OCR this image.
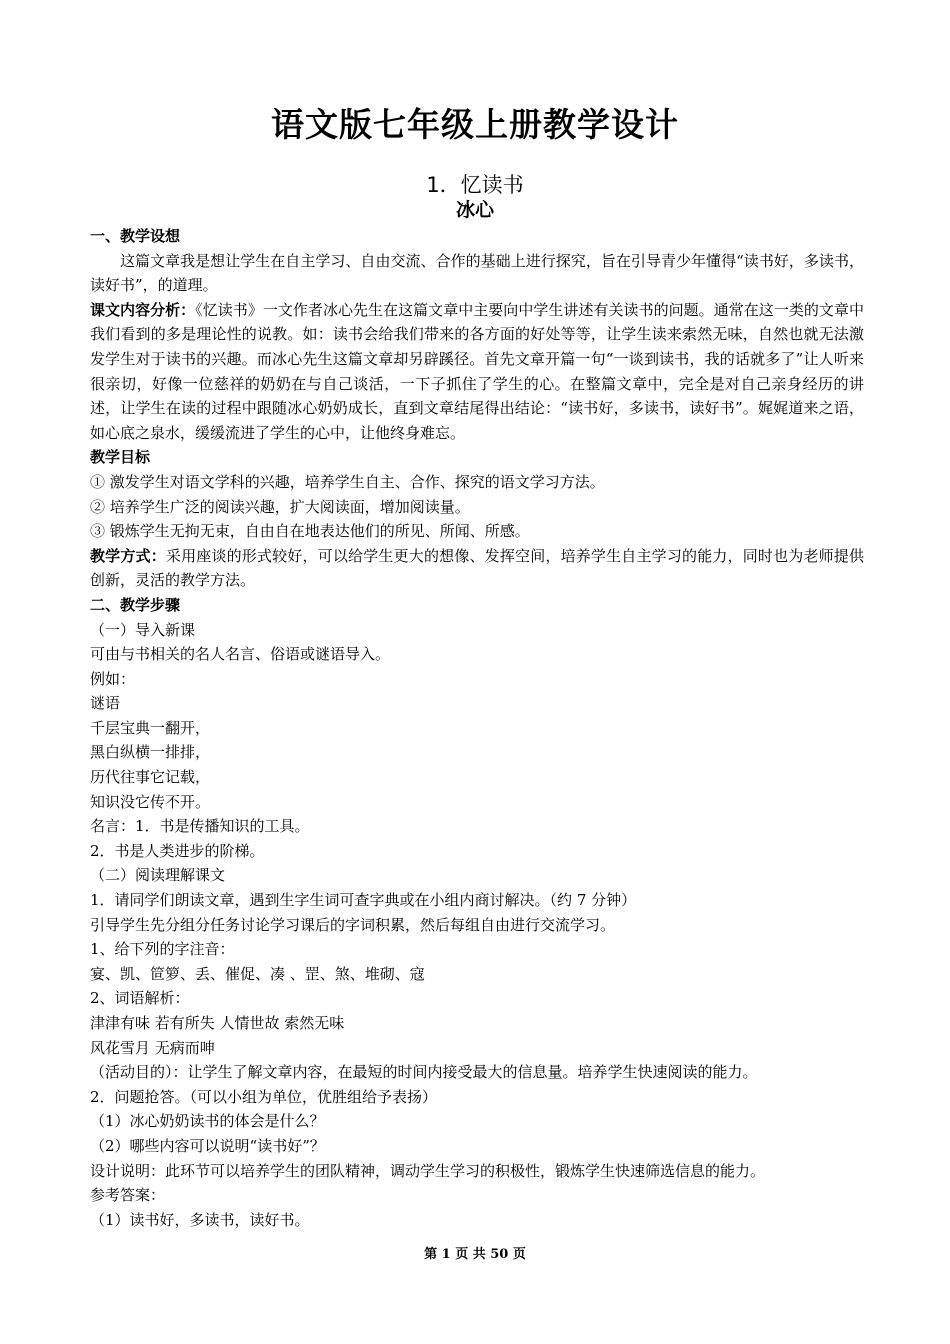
语文版七年级上册教学设计
1．忆读书
冰心

一、教学设想

这篇文章我是想让学生在自主学习、自由交流、合作的基础上进行探究，旨在引导青少年懂得“读书好，多读书，读好书”，的道理。

课文内容分析：《忆读书》一文作者冰心先生在这篇文章中主要向中学生讲述有关读书的问题。通常在这一类的文章中我们看到的多是理论性的说教。如：读书会给我们带来的各方面的好处等等，让学生读来索然无味，自然也就无法激发学生对于读书的兴趣。而冰心先生这篇文章却另辟蹊径。首先文章开篇一句“一谈到读书，我的话就多了”让人听来很亲切，好像一位慈祥的奶奶在与自己谈活，一下子抓住了学生的心。在整篇文章中，完全是对自己亲身经历的讲述，让学生在读的过程中跟随冰心奶奶成长，直到文章结尾得出结论：“读书好，多读书，读好书”。娓娓道来之语，如心底之泉水，缓缓流进了学生的心中，让他终身难忘。

教学目标

① 激发学生对语文学科的兴趣，培养学生自主、合作、探究的语文学习方法。

② 培养学生广泛的阅读兴趣，扩大阅读面，增加阅读量。

③ 锻炼学生无拘无束，自由自在地表达他们的所见、所闻、所感。

教学方式：采用座谈的形式较好，可以给学生更大的想像、发挥空间，培养学生自主学习的能力，同时也为老师提供创新，灵活的教学方法。

二、教学步骤

（一）导入新课

可由与书相关的名人名言、俗语或谜语导入。

例如：

谜语

千层宝典一翻开，

黑白纵横一排排，

历代往事它记载，

知识没它传不开。

名言：1．书是传播知识的工具。

2．书是人类进步的阶梯。

（二）阅读理解课文

1．请同学们朗读文章，遇到生字生词可查字典或在小组内商讨解决。（约 7 分钟）

引导学生先分组分任务讨论学习课后的字词积累，然后每组自由进行交流学习。

1、给下列的字注音：

宴、凯、笸箩、丢、催促、凑 、罡、煞、堆砌、寇

2、词语解析：

津津有味 若有所失 人情世故 索然无味

风花雪月 无病而呻

（活动目的）：让学生了解文章内容，在最短的时间内接受最大的信息量。培养学生快速阅读的能力。

2．问题抢答。（可以小组为单位，优胜组给予表扬）

（1）冰心奶奶读书的体会是什么？

（2）哪些内容可以说明“读书好”？

设计说明：此环节可以培养学生的团队精神，调动学生学习的积极性，锻炼学生快速筛选信息的能力。

参考答案：

（1）读书好，多读书，读好书。

第 1 页 共 50 页
